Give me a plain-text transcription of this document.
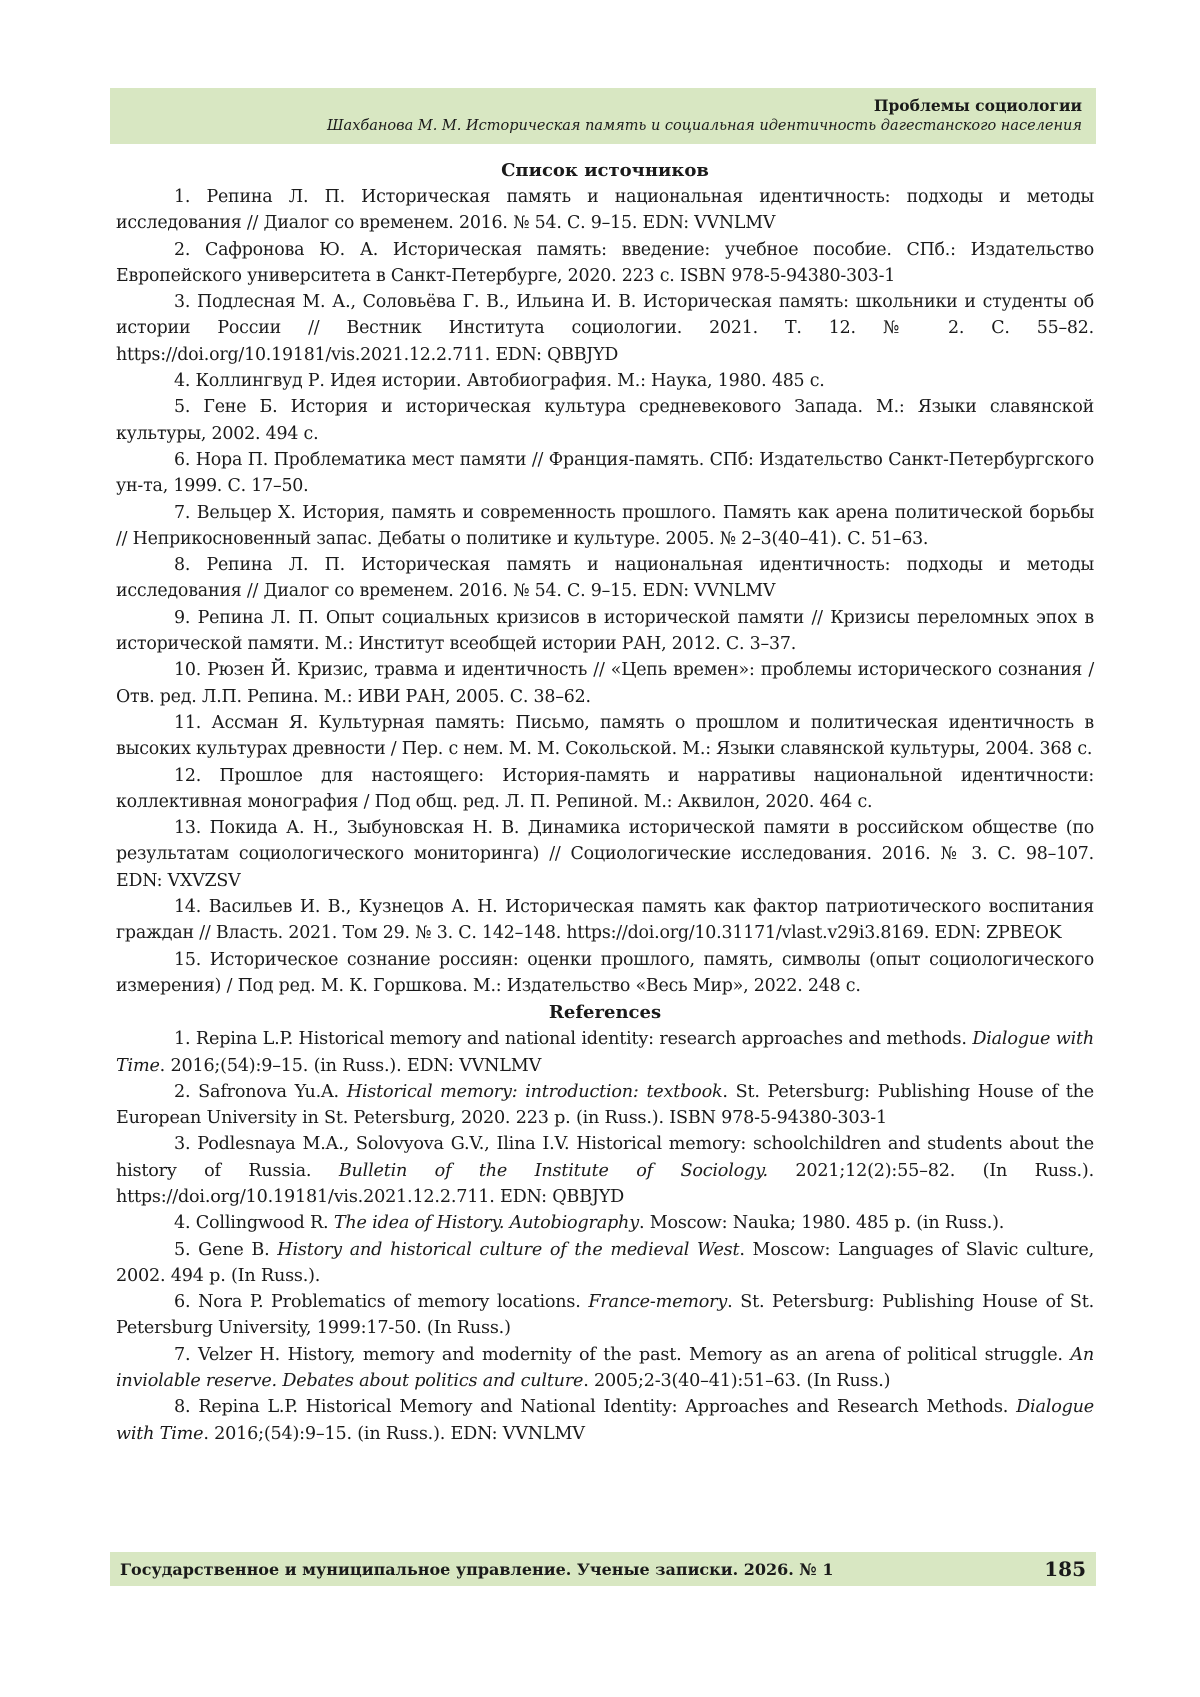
Проблемы социологии
Шахбанова М. М. Историческая память и социальная идентичность дагестанского населения
Список источников

1. Репина Л. П. Историческая память и национальная идентичность: подходы и методы исследования // Диалог со временем. 2016. № 54. С. 9–15. EDN: VVNLMV

2. Сафронова Ю. А. Историческая память: введение: учебное пособие. СПб.: Издательство Европейского университета в Санкт-Петербурге, 2020. 223 с. ISBN 978-5-94380-303-1

3. Подлесная М. А., Соловьёва Г. В., Ильина И. В. Историческая память: школьники и студенты об истории России // Вестник Института социологии. 2021. Т. 12. № 2. С. 55–82. https://doi.org/10.19181/vis.2021.12.2.711. EDN: QBBJYD

4. Коллингвуд Р. Идея истории. Автобиография. М.: Наука, 1980. 485 с.

5. Гене Б. История и историческая культура средневекового Запада. М.: Языки славянской культуры, 2002. 494 с.

6. Нора П. Проблематика мест памяти // Франция-память. СПб: Издательство Санкт-Петербургского ун-та, 1999. С. 17–50.

7. Вельцер Х. История, память и современность прошлого. Память как арена политической борьбы // Неприкосновенный запас. Дебаты о политике и культуре. 2005. № 2–3(40–41). С. 51–63.

8. Репина Л. П. Историческая память и национальная идентичность: подходы и методы исследования // Диалог со временем. 2016. № 54. С. 9–15. EDN: VVNLMV

9. Репина Л. П. Опыт социальных кризисов в исторической памяти // Кризисы переломных эпох в исторической памяти. М.: Институт всеобщей истории РАН, 2012. С. 3–37.

10. Рюзен Й. Кризис, травма и идентичность // «Цепь времен»: проблемы исторического сознания / Отв. ред. Л.П. Репина. М.: ИВИ РАН, 2005. С. 38–62.

11. Ассман Я. Культурная память: Письмо, память о прошлом и политическая идентичность в высоких культурах древности / Пер. с нем. М. М. Сокольской. М.: Языки славянской культуры, 2004. 368 с.

12. Прошлое для настоящего: История-память и нарративы национальной идентичности: коллективная монография / Под общ. ред. Л. П. Репиной. М.: Аквилон, 2020. 464 с.

13. Покида А. Н., Зыбуновская Н. В. Динамика исторической памяти в российском обществе (по результатам социологического мониторинга) // Социологические исследования. 2016. № 3. С. 98–107. EDN: VXVZSV

14. Васильев И. В., Кузнецов А. Н. Историческая память как фактор патриотического воспитания граждан // Власть. 2021. Том 29. № 3. С. 142–148. https://doi.org/10.31171/vlast.v29i3.8169. EDN: ZPBEOK

15. Историческое сознание россиян: оценки прошлого, память, символы (опыт социологического измерения) / Под ред. М. К. Горшкова. М.: Издательство «Весь Мир», 2022. 248 с.

References

1. Repina L.P. Historical memory and national identity: research approaches and methods. Dialogue with Time. 2016;(54):9–15. (in Russ.). EDN: VVNLMV

2. Safronova Yu.A. Historical memory: introduction: textbook. St. Petersburg: Publishing House of the European University in St. Petersburg, 2020. 223 p. (in Russ.). ISBN 978-5-94380-303-1

3. Podlesnaya M.A., Solovyova G.V., Ilina I.V. Historical memory: schoolchildren and students about the history of Russia. Bulletin of the Institute of Sociology. 2021;12(2):55–82. (In Russ.). https://doi.org/10.19181/vis.2021.12.2.711. EDN: QBBJYD

4. Collingwood R. The idea of History. Autobiography. Moscow: Nauka; 1980. 485 p. (in Russ.).

5. Gene B. History and historical culture of the medieval West. Moscow: Languages of Slavic culture, 2002. 494 p. (In Russ.).

6. Nora P. Problematics of memory locations. France-memory. St. Petersburg: Publishing House of St. Petersburg University, 1999:17-50. (In Russ.)

7. Velzer H. History, memory and modernity of the past. Memory as an arena of political struggle. An inviolable reserve. Debates about politics and culture. 2005;2-3(40–41):51–63. (In Russ.)

8. Repina L.P. Historical Memory and National Identity: Approaches and Research Methods. Dialogue with Time. 2016;(54):9–15. (in Russ.). EDN: VVNLMV

Государственное и муниципальное управление. Ученые записки. 2026. № 1	185
